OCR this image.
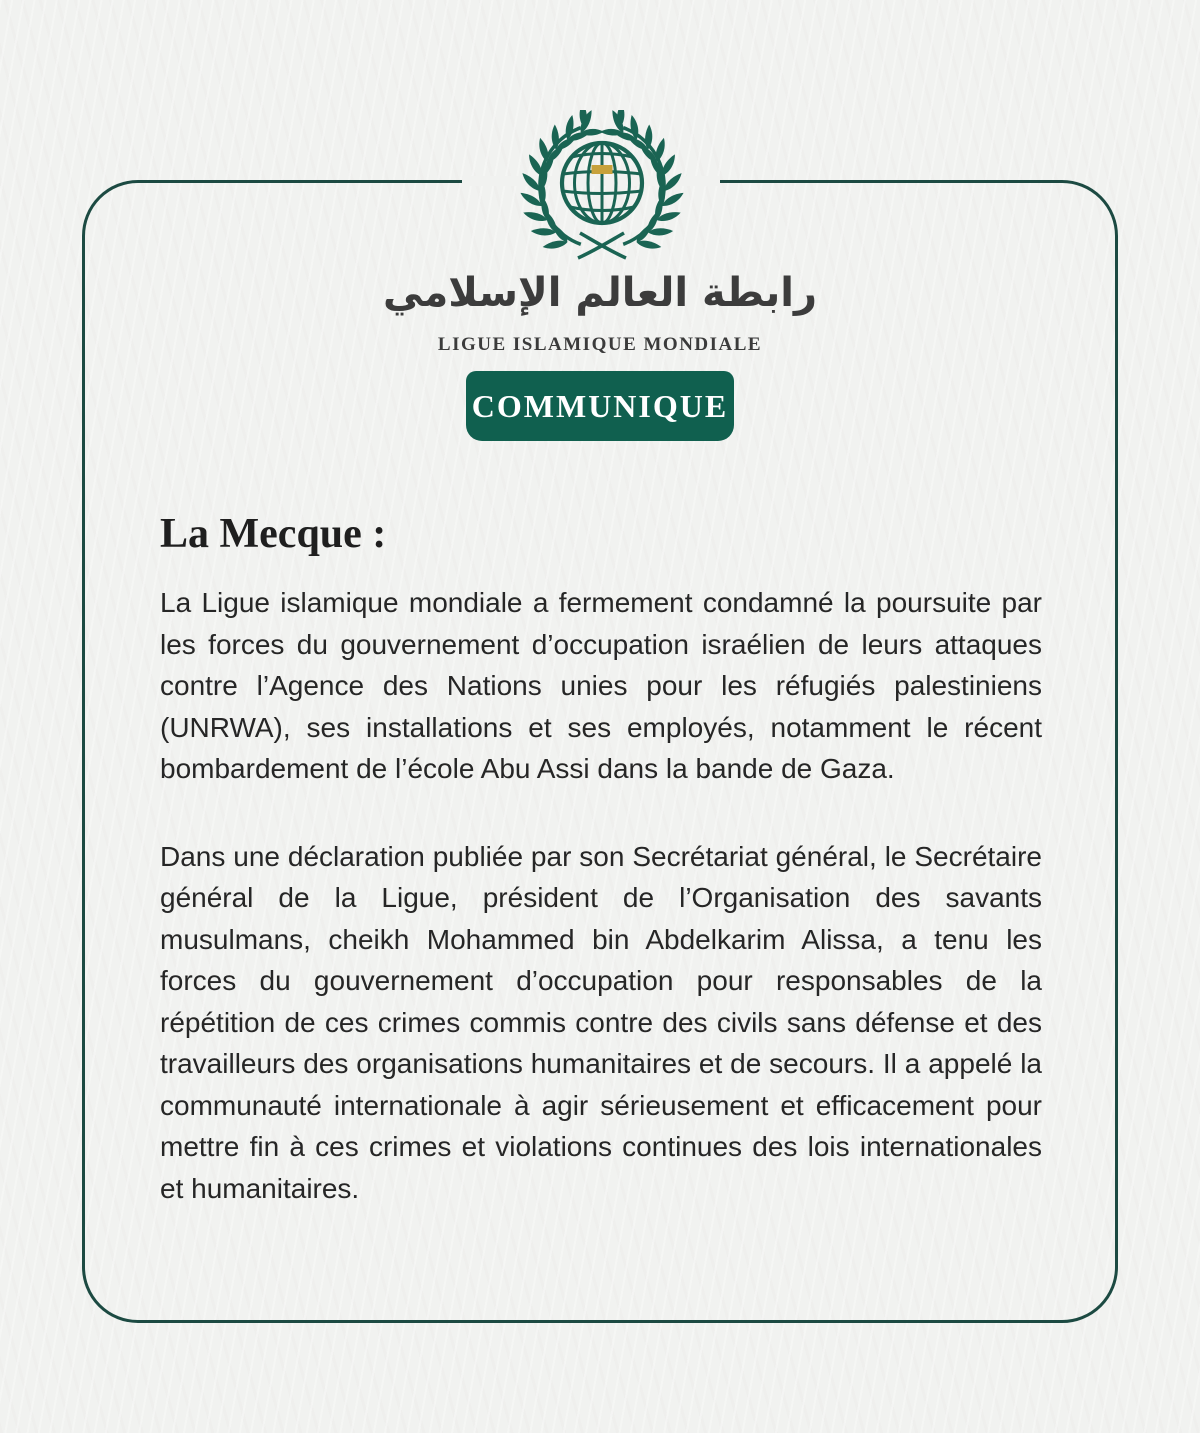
رابطة العالم الإسلامي
LIGUE ISLAMIQUE MONDIALE
COMMUNIQUE
La Mecque :

La Ligue islamique mondiale a fermement condamné la poursuite par les forces du gouvernement d’occupation israélien de leurs attaques contre l’Agence des Nations unies pour les réfugiés palestiniens (UNRWA), ses installations et ses employés, notamment le récent bombardement de l’école Abu Assi dans la bande de Gaza.

Dans une déclaration publiée par son Secrétariat général, le Secrétaire général de la Ligue, président de l’Organisation des savants musulmans, cheikh Mohammed bin Abdelkarim Alissa, a tenu les forces du gouvernement d’occupation pour responsables de la répétition de ces crimes commis contre des civils sans défense et des travailleurs des organisations humanitaires et de secours. Il a appelé la communauté internationale à agir sérieusement et efficacement pour mettre fin à ces crimes et violations continues des lois internationales et humanitaires.
